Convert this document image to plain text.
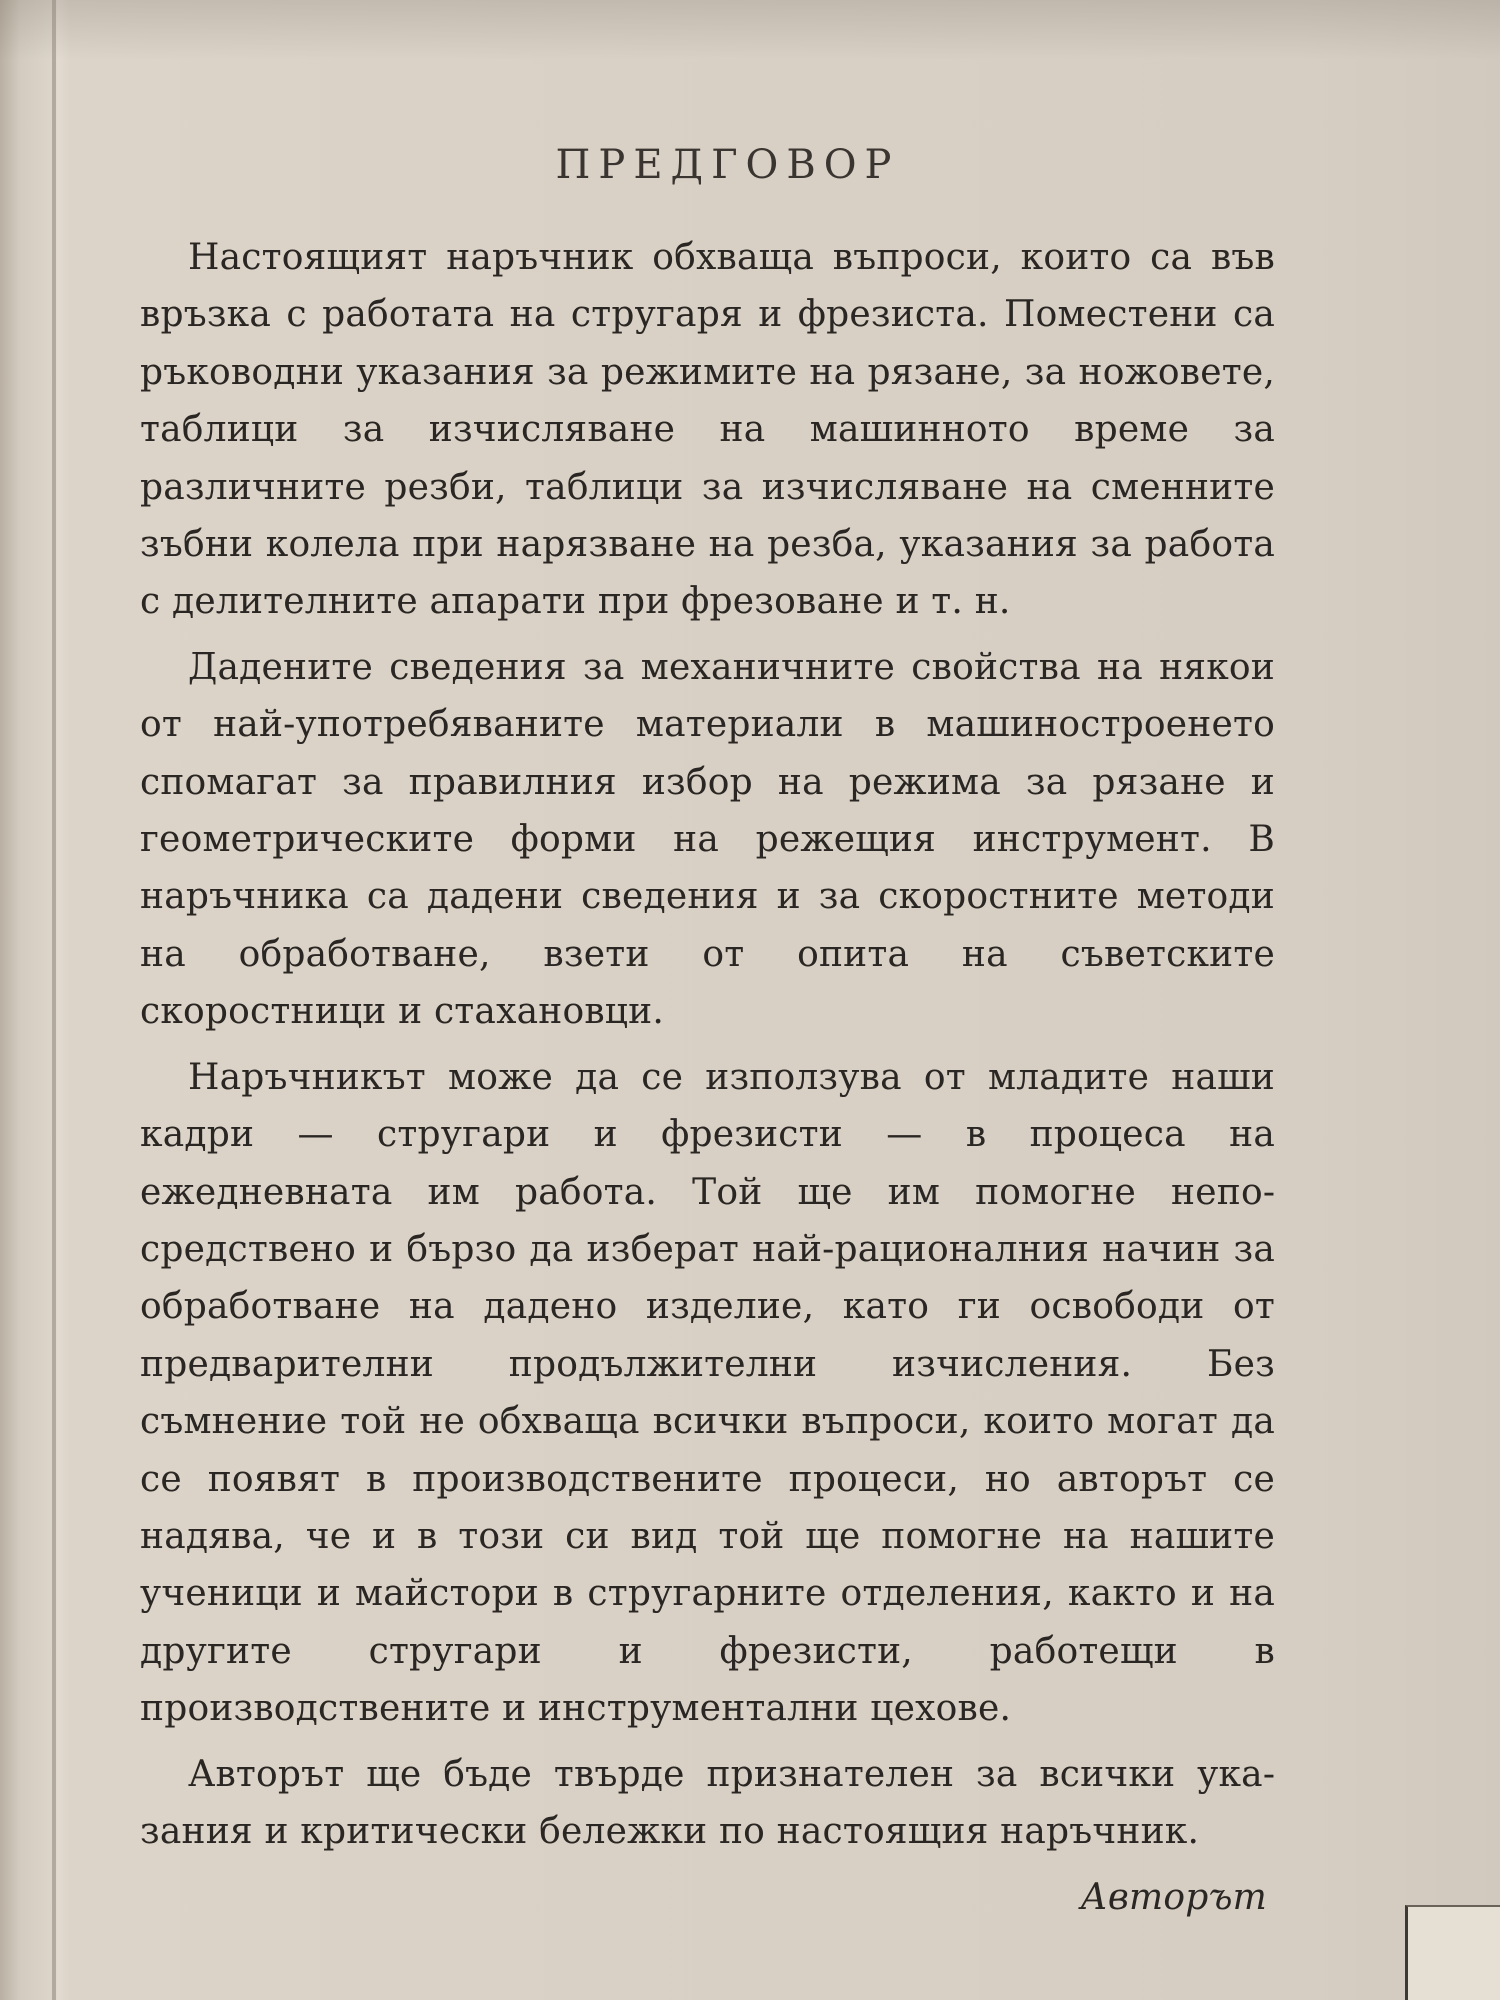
ПРЕДГОВОР

Настоящият наръчник обхваща въпроси, които са във връзка с работата на стругаря и фрезиста. Поместени са ръководни указания за режимите на рязане, за ножовете, таблици за изчисляване на машинното време за различните резби, таблици за изчисляване на сменните зъбни колела при нарязване на резба, указания за работа с делителните апарати при фрезоване и т. н.

Дадените сведения за механичните свойства на някои от най-употребяваните материали в машиностроенето спомагат за правилния избор на режима за рязане и геометрическите форми на режещия инструмент. В наръчника са дадени сведения и за скоростните методи на обработване, взети от опита на съветските скоростници и стахановци.

Наръчникът може да се използува от младите наши кадри — стругари и фрезисти — в процеса на ежедневната им работа. Той ще им помогне непосредствено и бързо да изберат най-рационалния начин за обработване на дадено изделие, като ги освободи от предварителни продължителни изчисления. Без съмнение той не обхваща всички въпроси, които могат да се появят в производствените процеси, но авторът се надява, че и в този си вид той ще помогне на нашите ученици и майстори в стругарните отделения, както и на другите стругари и фрезисти, работещи в производствените и инструментални цехове.

Авторът ще бъде твърде признателен за всички указания и критически бележки по настоящия наръчник.

Авторът
